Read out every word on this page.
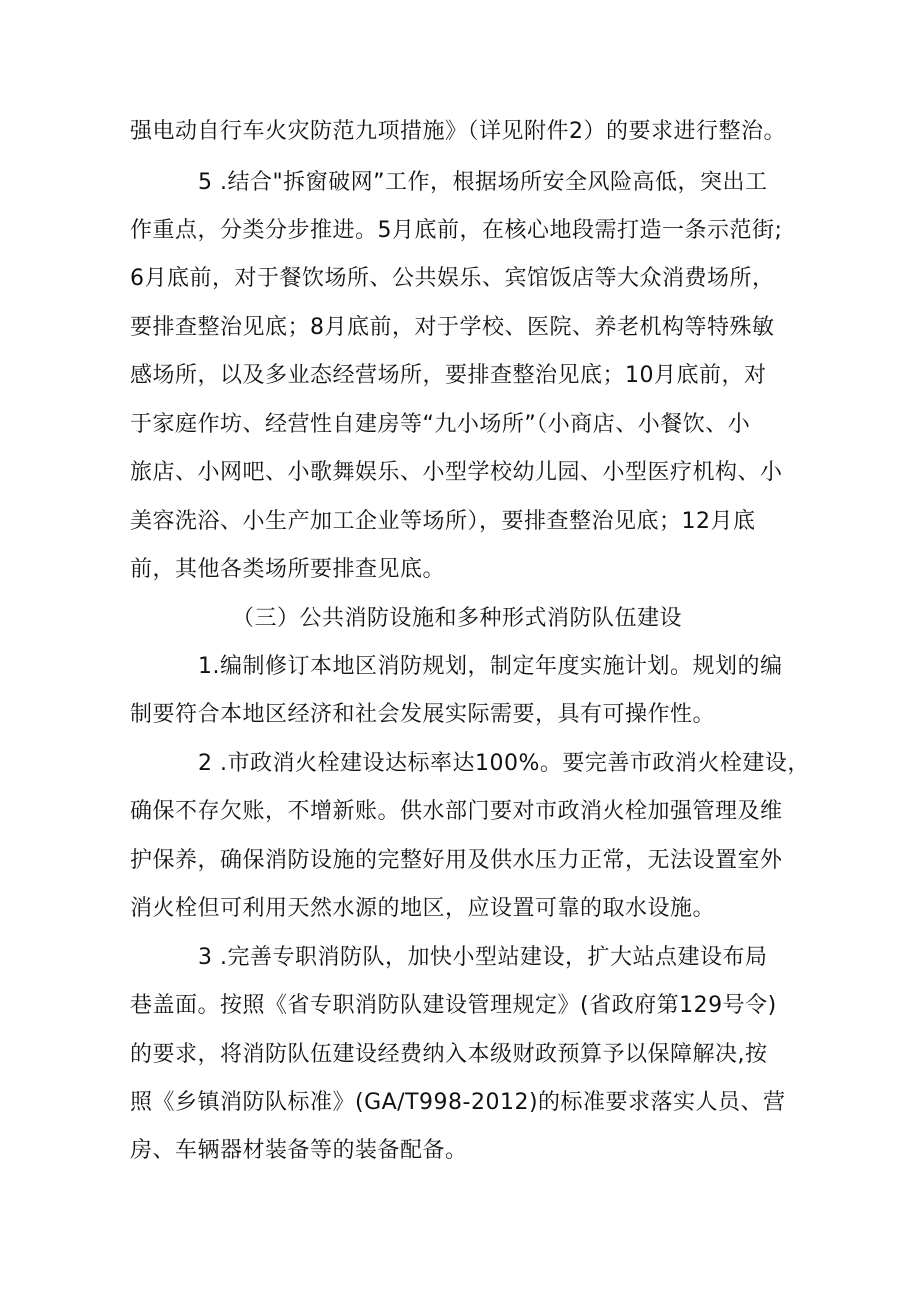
强电动自行车火灾防范九项措施》（详见附件2）的要求进行整治。
5 .结合"拆窗破网”工作，根据场所安全风险高低，突出工
作重点，分类分步推进。5月底前，在核心地段需打造一条示范街;
6月底前，对于餐饮场所、公共娱乐、宾馆饭店等大众消费场所，
要排查整治见底；8月底前，对于学校、医院、养老机构等特殊敏
感场所，以及多业态经营场所，要排查整治见底；10月底前，对
于家庭作坊、经营性自建房等“九小场所”（小商店、小餐饮、小
旅店、小网吧、小歌舞娱乐、小型学校幼儿园、小型医疗机构、小
美容洗浴、小生产加工企业等场所），要排查整治见底；12月底
前，其他各类场所要排查见底。
（三）公共消防设施和多种形式消防队伍建设
1.编制修订本地区消防规划，制定年度实施计划。规划的编
制要符合本地区经济和社会发展实际需要，具有可操作性。
2 .市政消火栓建设达标率达100%。要完善市政消火栓建设，
确保不存欠账，不增新账。供水部门要对市政消火栓加强管理及维
护保养，确保消防设施的完整好用及供水压力正常，无法设置室外
消火栓但可利用天然水源的地区，应设置可靠的取水设施。
3 .完善专职消防队，加快小型站建设，扩大站点建设布局
巷盖面。按照《省专职消防队建设管理规定》(省政府第129号令)
的要求，将消防队伍建设经费纳入本级财政预算予以保障解决,按
照《乡镇消防队标准》(GA/T998-2012)的标准要求落实人员、营
房、车辆器材装备等的装备配备。
